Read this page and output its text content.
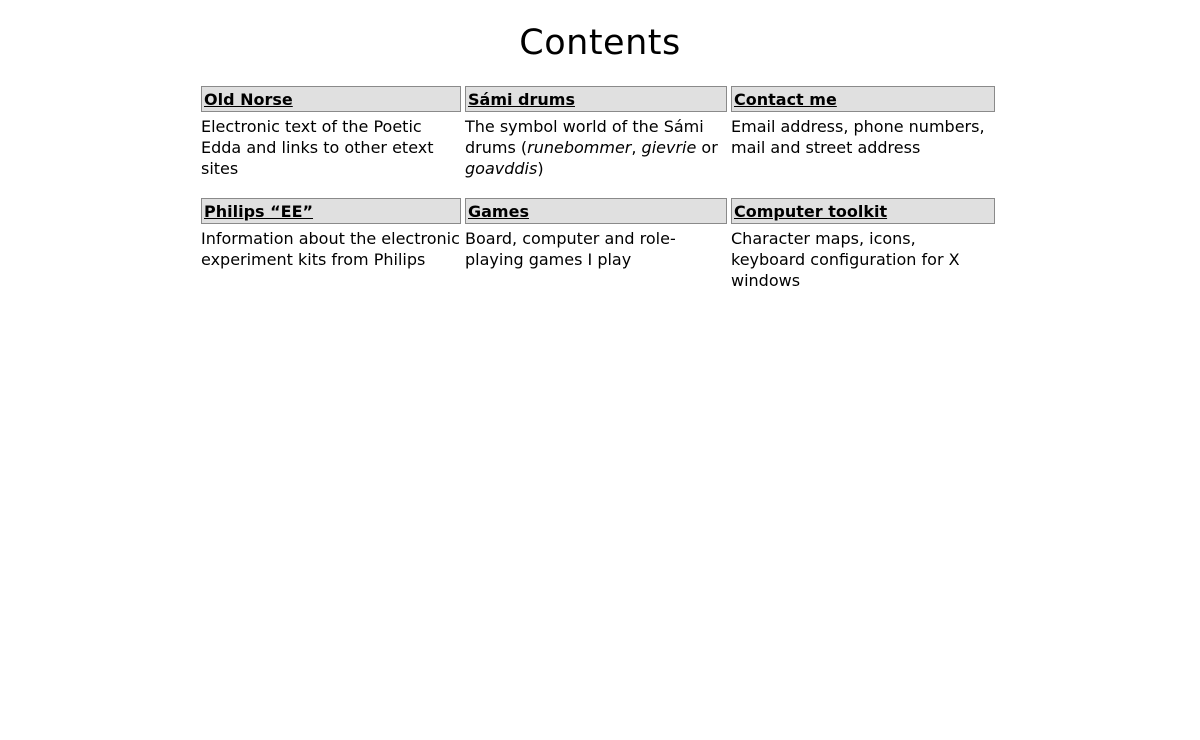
Contents
Old Norse	Sámi drums	Contact me
Electronic text of the Poetic Edda and links to other etext sites	The symbol world of the Sámi drums (runebommer, gievrie or goavddis)	Email address, phone numbers, mail and street address
Philips “EE”	Games	Computer toolkit
Information about the electronic experiment kits from Philips	Board, computer and role-playing games I play	Character maps, icons, keyboard configuration for X windows
